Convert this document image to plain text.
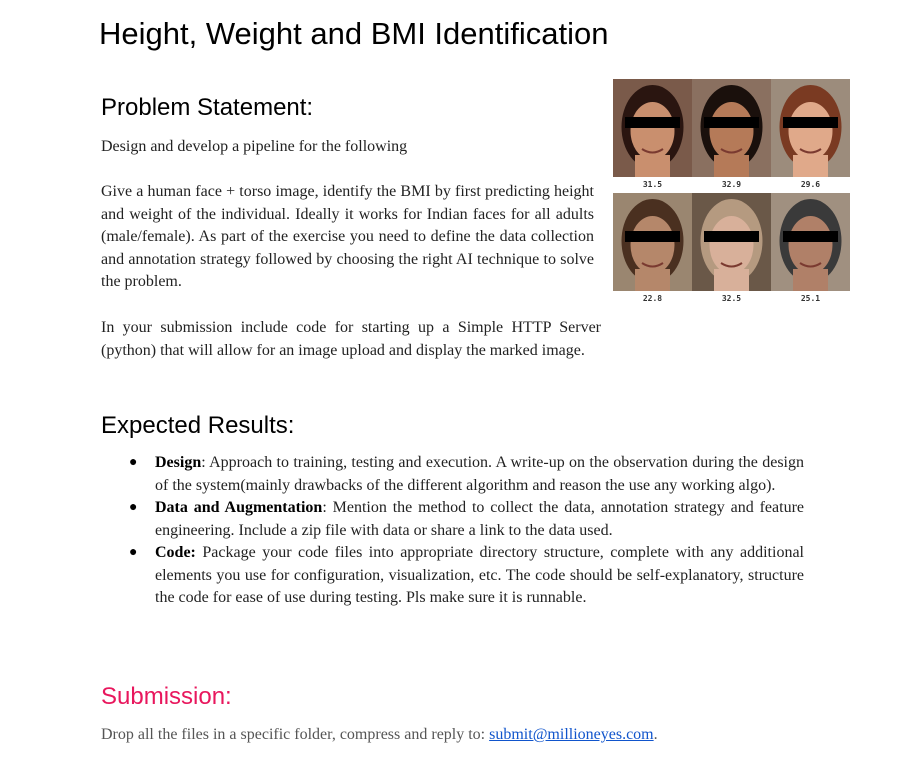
Height, Weight and BMI Identification
Problem Statement:

Design and develop a pipeline for the following

Give a human face + torso image, identify the BMI by first predicting height and weight of the individual. Ideally it works for Indian faces for all adults (male/female). As part of the exercise you need to define the data collection and annotation strategy followed by choosing the right AI technique to solve the problem.

In your submission include code for starting up a Simple HTTP Server (python) that will allow for an image upload and display the marked image.

31.5	32.9	29.6
22.8	32.5	25.1
Expected Results:
● Design: Approach to training, testing and execution. A write-up on the observation during the design of the system(mainly drawbacks of the different algorithm and reason the use any working algo).
● Data and Augmentation: Mention the method to collect the data, annotation strategy and feature engineering. Include a zip file with data or share a link to the data used.
● Code: Package your code files into appropriate directory structure, complete with any additional elements you use for configuration, visualization, etc. The code should be self-explanatory, structure the code for ease of use during testing. Pls make sure it is runnable.
Submission:

Drop all the files in a specific folder, compress and reply to: submit@millioneyes.com.
